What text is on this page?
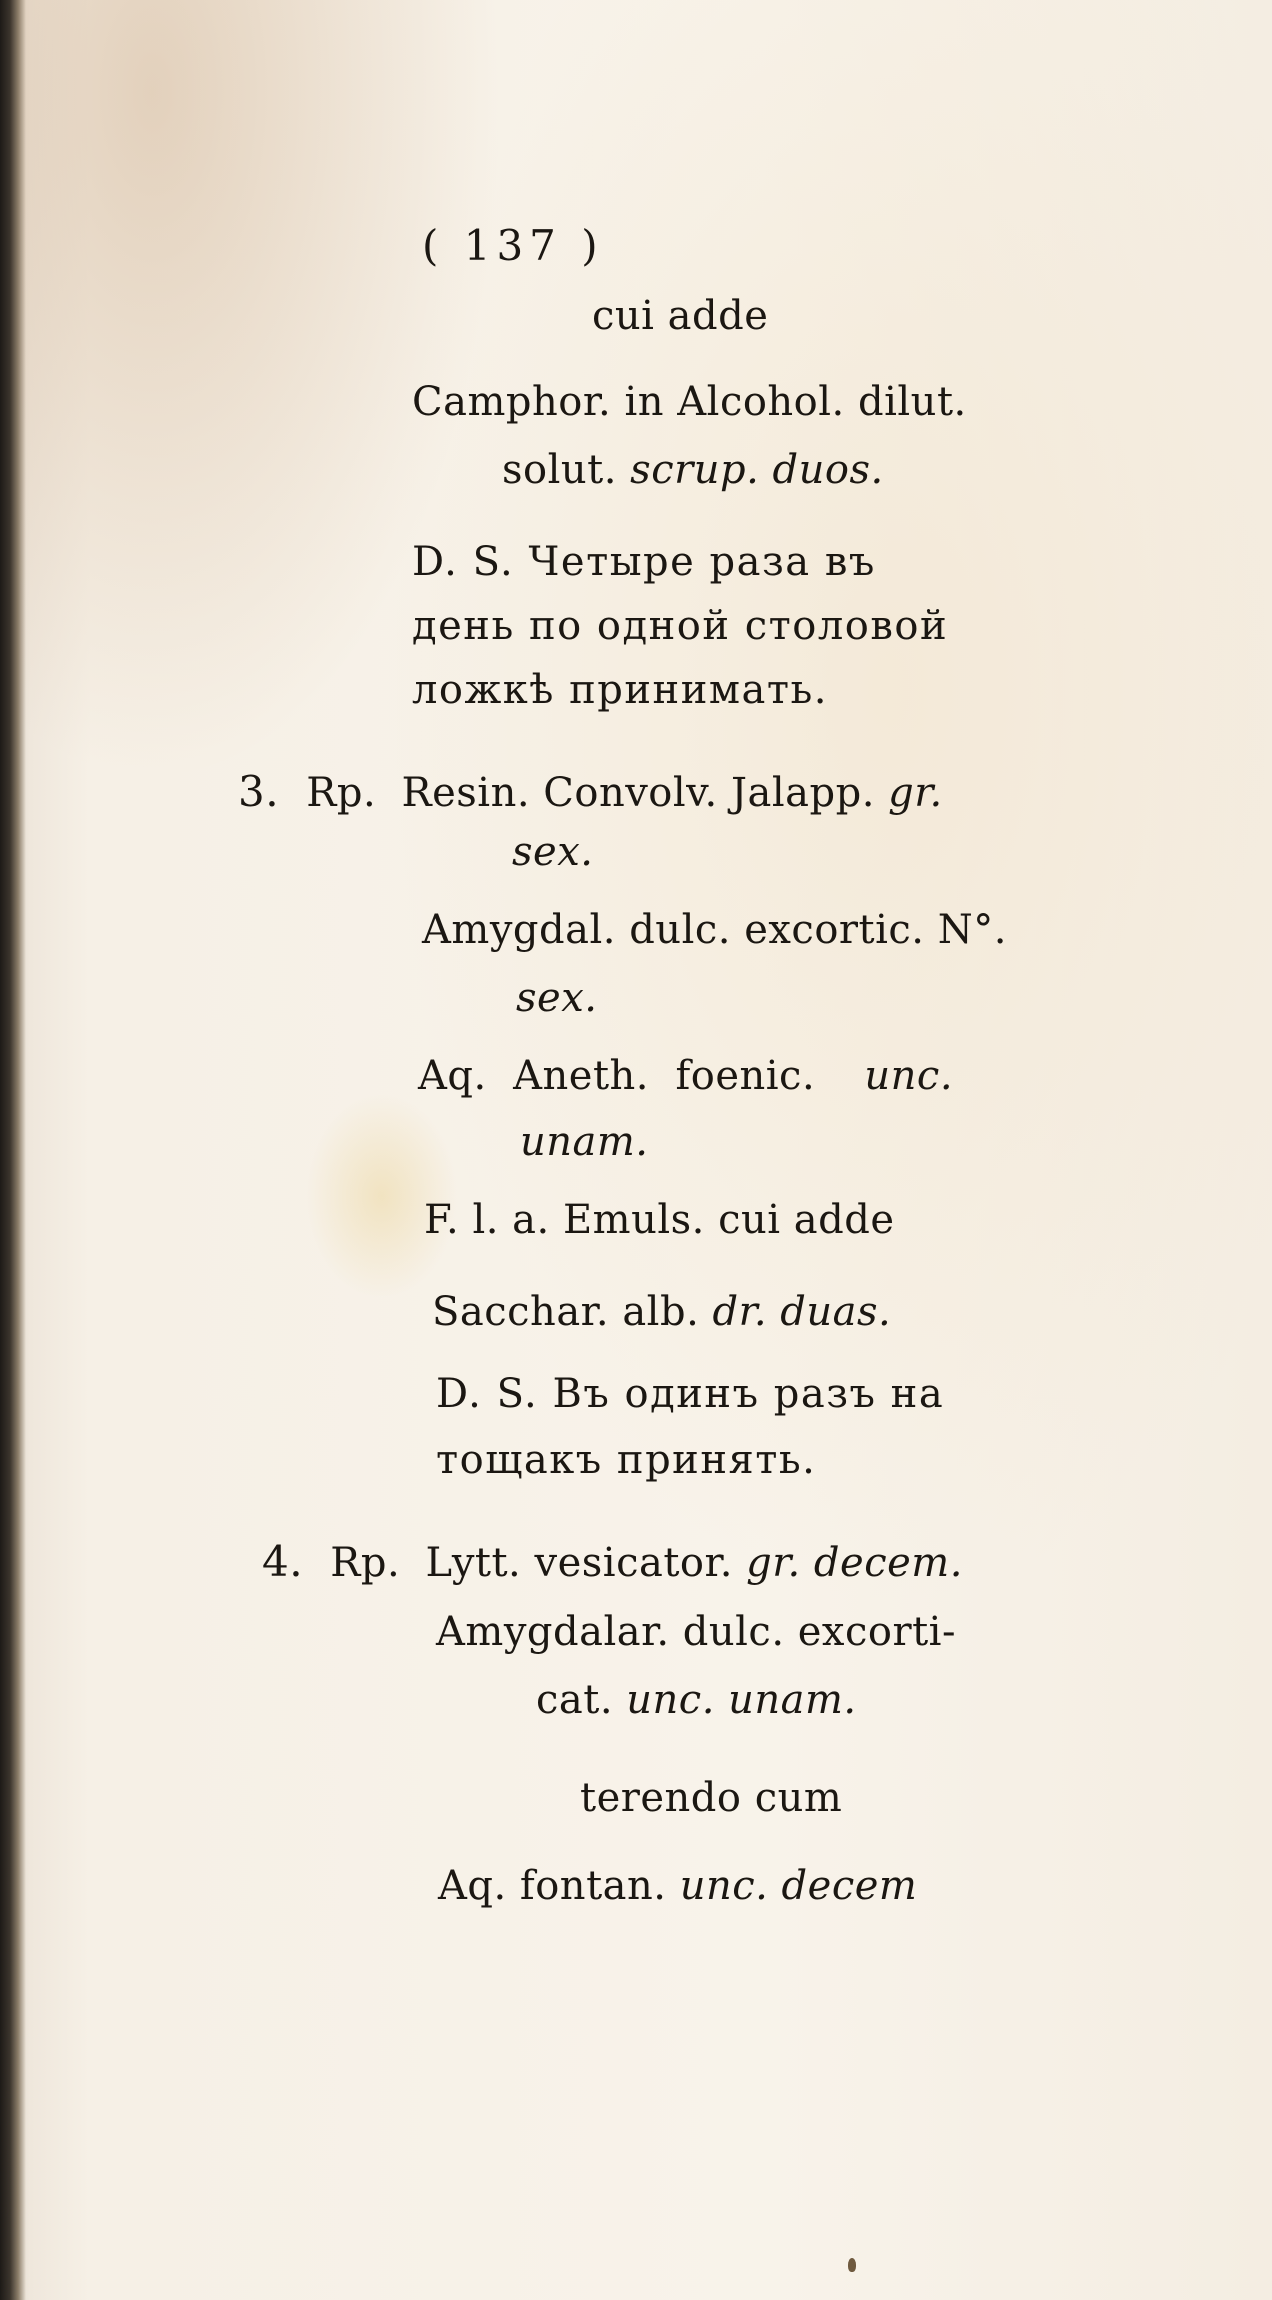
( 137 )
cui adde
Camphor. in Alcohol. dilut.
solut. scrup. duos.
D. S. Четыре раза въ
день по одной столовой
ложкѣ принимать.
3. Rp. Resin. Convolv. Jalapp. gr.
sex.
Amygdal. dulc. excortic. N°.
sex.
Aq.  Aneth.  foenic. unc.
unam.
F. l. a. Emuls. cui adde
Sacchar. alb. dr. duas.
D. S. Въ одинъ разъ на
тощакъ принять.
4. Rp. Lytt. vesicator. gr. decem.
Amygdalar. dulc. excorti-
cat. unc. unam.
terendo cum
Aq. fontan. unc. decem
